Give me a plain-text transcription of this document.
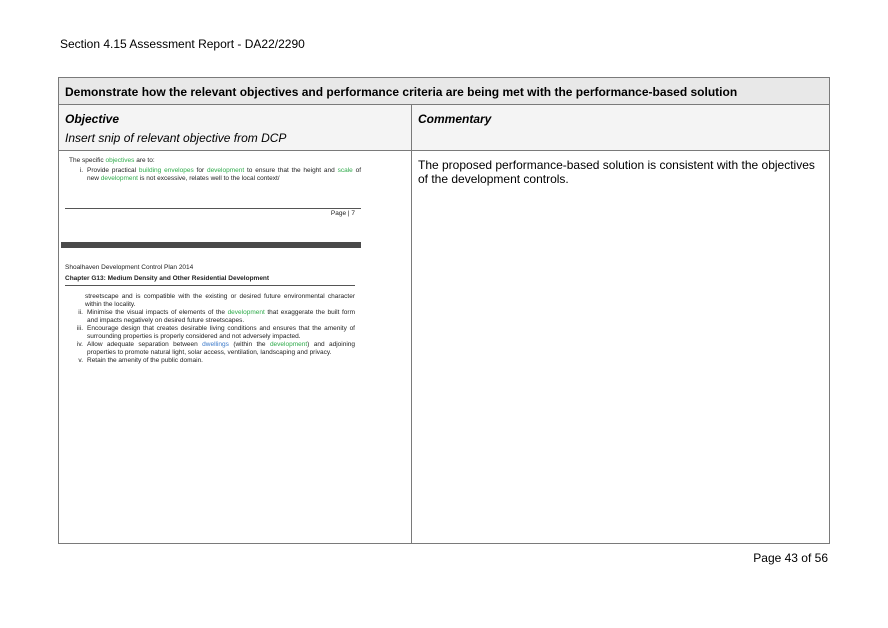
Section 4.15 Assessment Report - DA22/2290
Demonstrate how the relevant objectives and performance criteria are being met with the performance-based solution
Objective
Insert snip of relevant objective from DCP
Commentary
The proposed performance-based solution is consistent with the objectives of the development controls.
The specific objectives are to:
i. Provide practical building envelopes for development to ensure that the height and scale of new development is not excessive, relates well to the local context/
Page | 7
Shoalhaven Development Control Plan 2014
Chapter G13: Medium Density and Other Residential Development
streetscape and is compatible with the existing or desired future environmental character within the locality.
ii. Minimise the visual impacts of elements of the development that exaggerate the built form and impacts negatively on desired future streetscapes.
iii. Encourage design that creates desirable living conditions and ensures that the amenity of surrounding properties is properly considered and not adversely impacted.
iv. Allow adequate separation between dwellings (within the development) and adjoining properties to promote natural light, solar access, ventilation, landscaping and privacy.
v. Retain the amenity of the public domain.
Page 43 of 56
